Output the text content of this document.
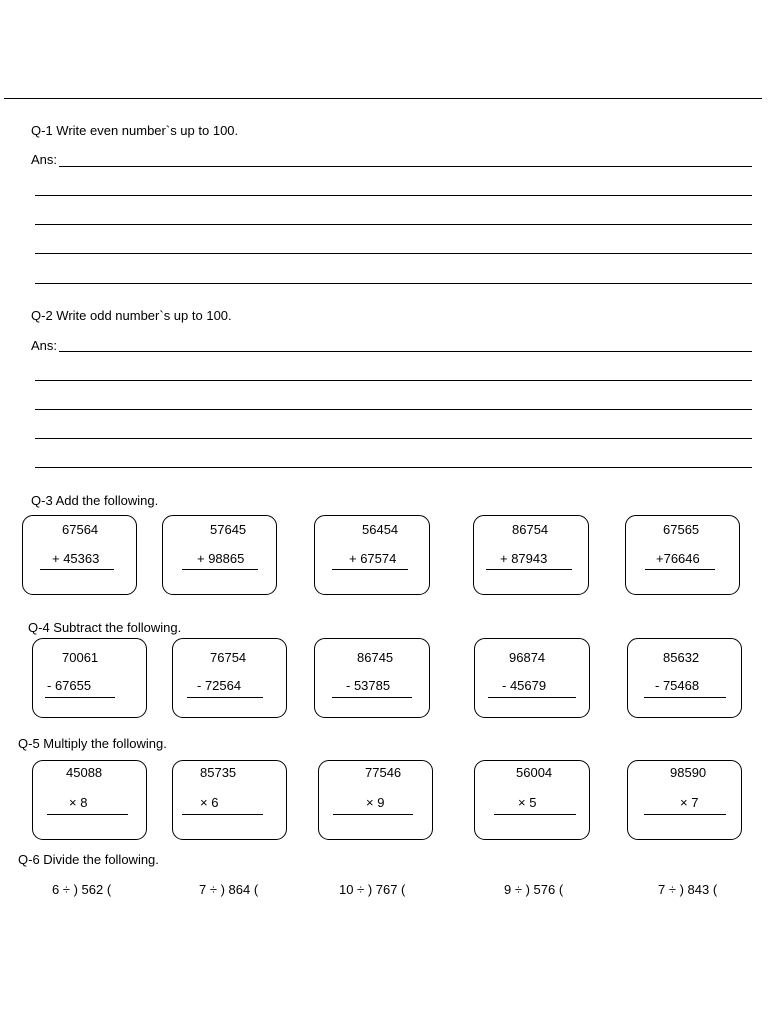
Q-1 Write even number`s up to 100.
Ans:
Q-2 Write odd number`s up to 100.
Ans:
Q-3 Add the following.
67564
+ 45363
57645
+ 98865
56454
+ 67574
86754
+ 87943
67565
+76646
Q-4 Subtract the following.
70061
- 67655
76754
- 72564
86745
- 53785
96874
- 45679
85632
- 75468
Q-5 Multiply the following.
45088
× 8
85735
× 6
77546
× 9
56004
× 5
98590
× 7
Q-6 Divide the following.
6 ÷ ) 562 (	7 ÷ ) 864 (	10 ÷ ) 767 (	9 ÷ ) 576 (	7 ÷ ) 843 (
